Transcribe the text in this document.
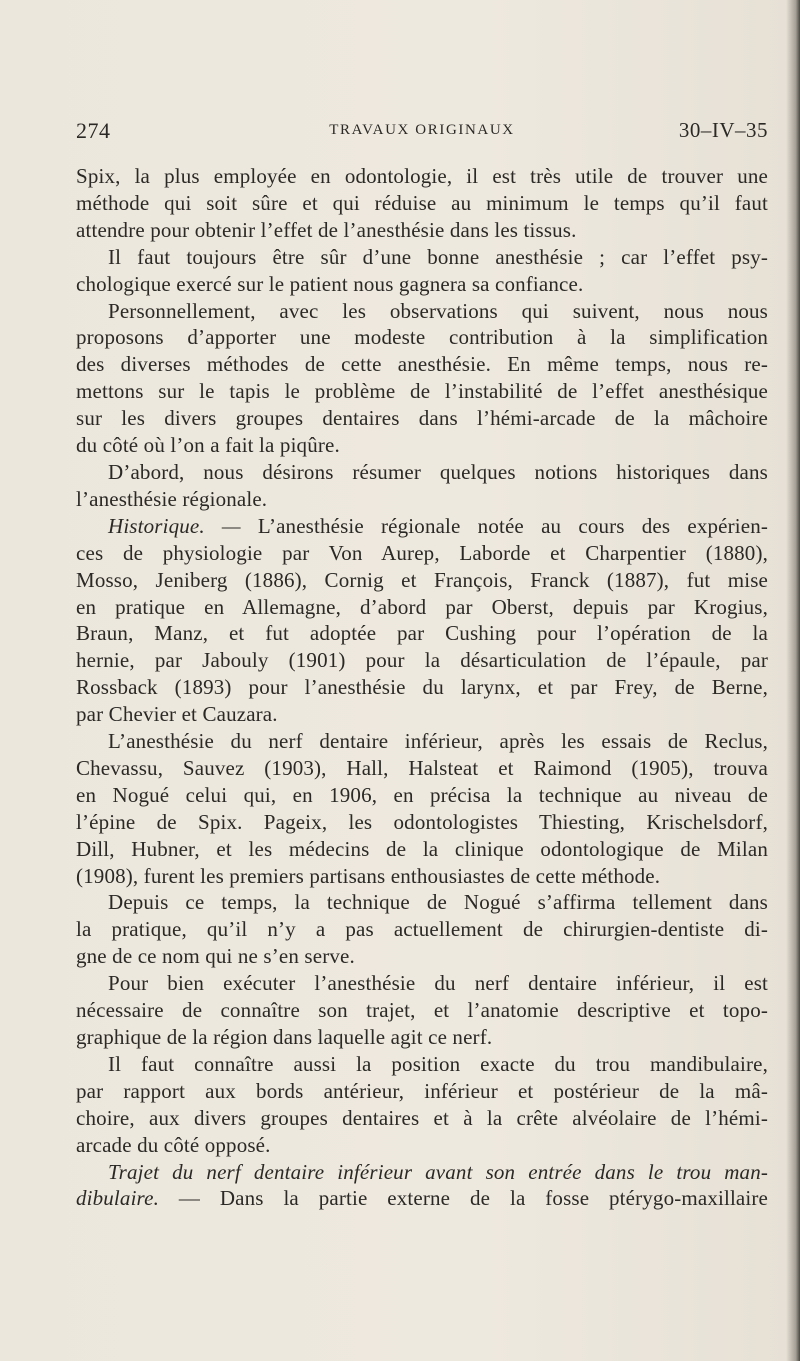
274	TRAVAUX ORIGINAUX	30–IV–35
Spix, la plus employée en odontologie, il est très utile de trouver une
méthode qui soit sûre et qui réduise au minimum le temps qu’il faut
attendre pour obtenir l’effet de l’anesthésie dans les tissus.
Il faut toujours être sûr d’une bonne anesthésie ; car l’effet psy-
chologique exercé sur le patient nous gagnera sa confiance.
Personnellement, avec les observations qui suivent, nous nous
proposons d’apporter une modeste contribution à la simplification
des diverses méthodes de cette anesthésie. En même temps, nous re-
mettons sur le tapis le problème de l’instabilité de l’effet anesthésique
sur les divers groupes dentaires dans l’hémi-arcade de la mâchoire
du côté où l’on a fait la piqûre.
D’abord, nous désirons résumer quelques notions historiques dans
l’anesthésie régionale.
Historique. — L’anesthésie régionale notée au cours des expérien-
ces de physiologie par Von Aurep, Laborde et Charpentier (1880),
Mosso, Jeniberg (1886), Cornig et François, Franck (1887), fut mise
en pratique en Allemagne, d’abord par Oberst, depuis par Krogius,
Braun, Manz, et fut adoptée par Cushing pour l’opération de la
hernie, par Jabouly (1901) pour la désarticulation de l’épaule, par
Rossback (1893) pour l’anesthésie du larynx, et par Frey, de Berne,
par Chevier et Cauzara.
L’anesthésie du nerf dentaire inférieur, après les essais de Reclus,
Chevassu, Sauvez (1903), Hall, Halsteat et Raimond (1905), trouva
en Nogué celui qui, en 1906, en précisa la technique au niveau de
l’épine de Spix. Pageix, les odontologistes Thiesting, Krischelsdorf,
Dill, Hubner, et les médecins de la clinique odontologique de Milan
(1908), furent les premiers partisans enthousiastes de cette méthode.
Depuis ce temps, la technique de Nogué s’affirma tellement dans
la pratique, qu’il n’y a pas actuellement de chirurgien-dentiste di-
gne de ce nom qui ne s’en serve.
Pour bien exécuter l’anesthésie du nerf dentaire inférieur, il est
nécessaire de connaître son trajet, et l’anatomie descriptive et topo-
graphique de la région dans laquelle agit ce nerf.
Il faut connaître aussi la position exacte du trou mandibulaire,
par rapport aux bords antérieur, inférieur et postérieur de la mâ-
choire, aux divers groupes dentaires et à la crête alvéolaire de l’hémi-
arcade du côté opposé.
Trajet du nerf dentaire inférieur avant son entrée dans le trou man-
dibulaire. — Dans la partie externe de la fosse ptérygo-maxillaire
